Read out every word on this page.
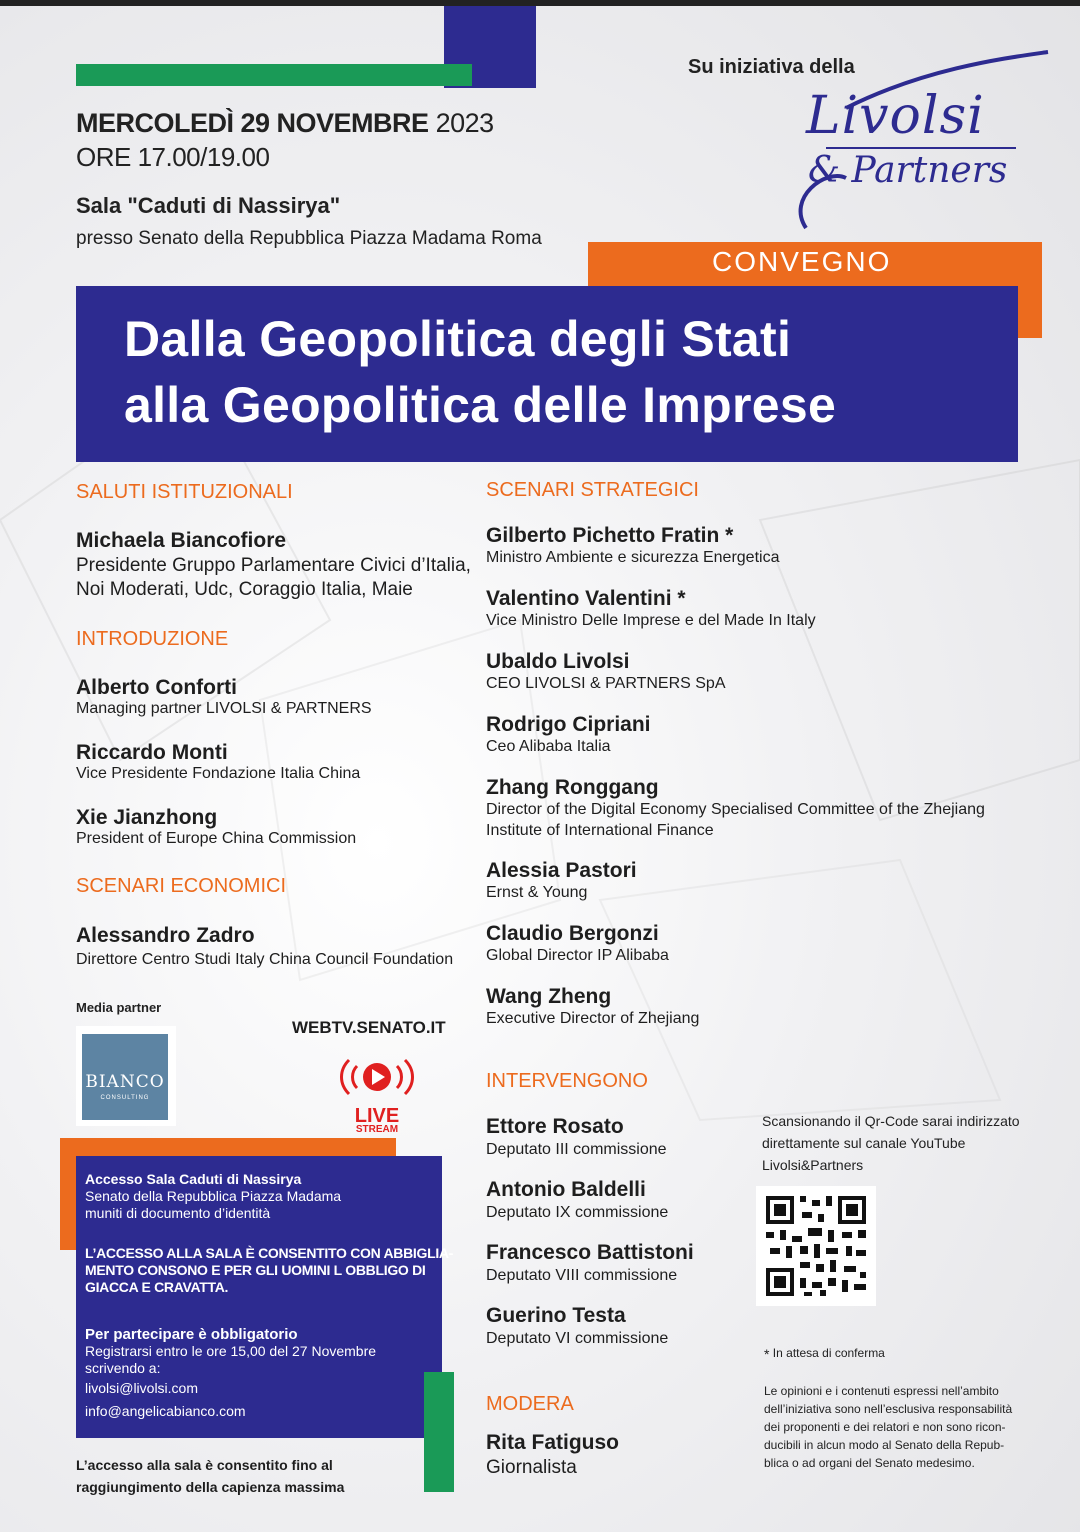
MERCOLEDÌ 29 NOVEMBRE 2023
ORE 17.00/19.00
Sala "Caduti di Nassirya"
presso Senato della Repubblica Piazza Madama Roma
Su iniziativa della
Livolsi
& Partners
CONVEGNO
Dalla Geopolitica degli Stati
alla Geopolitica delle Imprese
SALUTI ISTITUZIONALI
Michaela Biancofiore
Presidente Gruppo Parlamentare Civici d’Italia,
Noi Moderati, Udc, Coraggio Italia, Maie
INTRODUZIONE
Alberto Conforti
Managing partner LIVOLSI & PARTNERS
Riccardo Monti
Vice Presidente Fondazione Italia China
Xie Jianzhong
President of Europe China Commission
SCENARI ECONOMICI
Alessandro Zadro
Direttore Centro Studi Italy China Council Foundation
Media partner
WEBTV.SENATO.IT
BIANCO
CONSULTING
LIVE
STREAM
Accesso Sala Caduti di Nassirya
Senato della Repubblica Piazza Madama
muniti di documento d’identità
L’ACCESSO ALLA SALA È CONSENTITO CON ABBIGLIA-
MENTO CONSONO E PER GLI UOMINI L OBBLIGO DI
GIACCA E CRAVATTA.
Per partecipare è obbligatorio
Registrarsi entro le ore 15,00 del 27 Novembre
scrivendo a:
livolsi@livolsi.com
info@angelicabianco.com
L’accesso alla sala è consentito fino al
raggiungimento della capienza massima
SCENARI STRATEGICI
Gilberto Pichetto Fratin *
Ministro Ambiente e sicurezza Energetica
Valentino Valentini *
Vice Ministro Delle Imprese e del Made In Italy
Ubaldo Livolsi
CEO LIVOLSI & PARTNERS SpA
Rodrigo Cipriani
Ceo Alibaba Italia
Zhang Ronggang
Director of the Digital Economy Specialised Committee of the Zhejiang
Institute of International Finance
Alessia Pastori
Ernst & Young
Claudio Bergonzi
Global Director IP Alibaba
Wang Zheng
Executive Director of Zhejiang
INTERVENGONO
Ettore Rosato
Deputato III commissione
Antonio Baldelli
Deputato IX commissione
Francesco Battistoni
Deputato VIII commissione
Guerino Testa
Deputato VI commissione
MODERA
Rita Fatiguso
Giornalista
Scansionando il Qr-Code sarai indirizzato
direttamente sul canale YouTube
Livolsi&Partners
* In attesa di conferma
Le opinioni e i contenuti espressi nell’ambito
dell’iniziativa sono nell’esclusiva responsabilità
dei proponenti e dei relatori e non sono ricon-
ducibili in alcun modo al Senato della Repub-
blica o ad organi del Senato medesimo.
